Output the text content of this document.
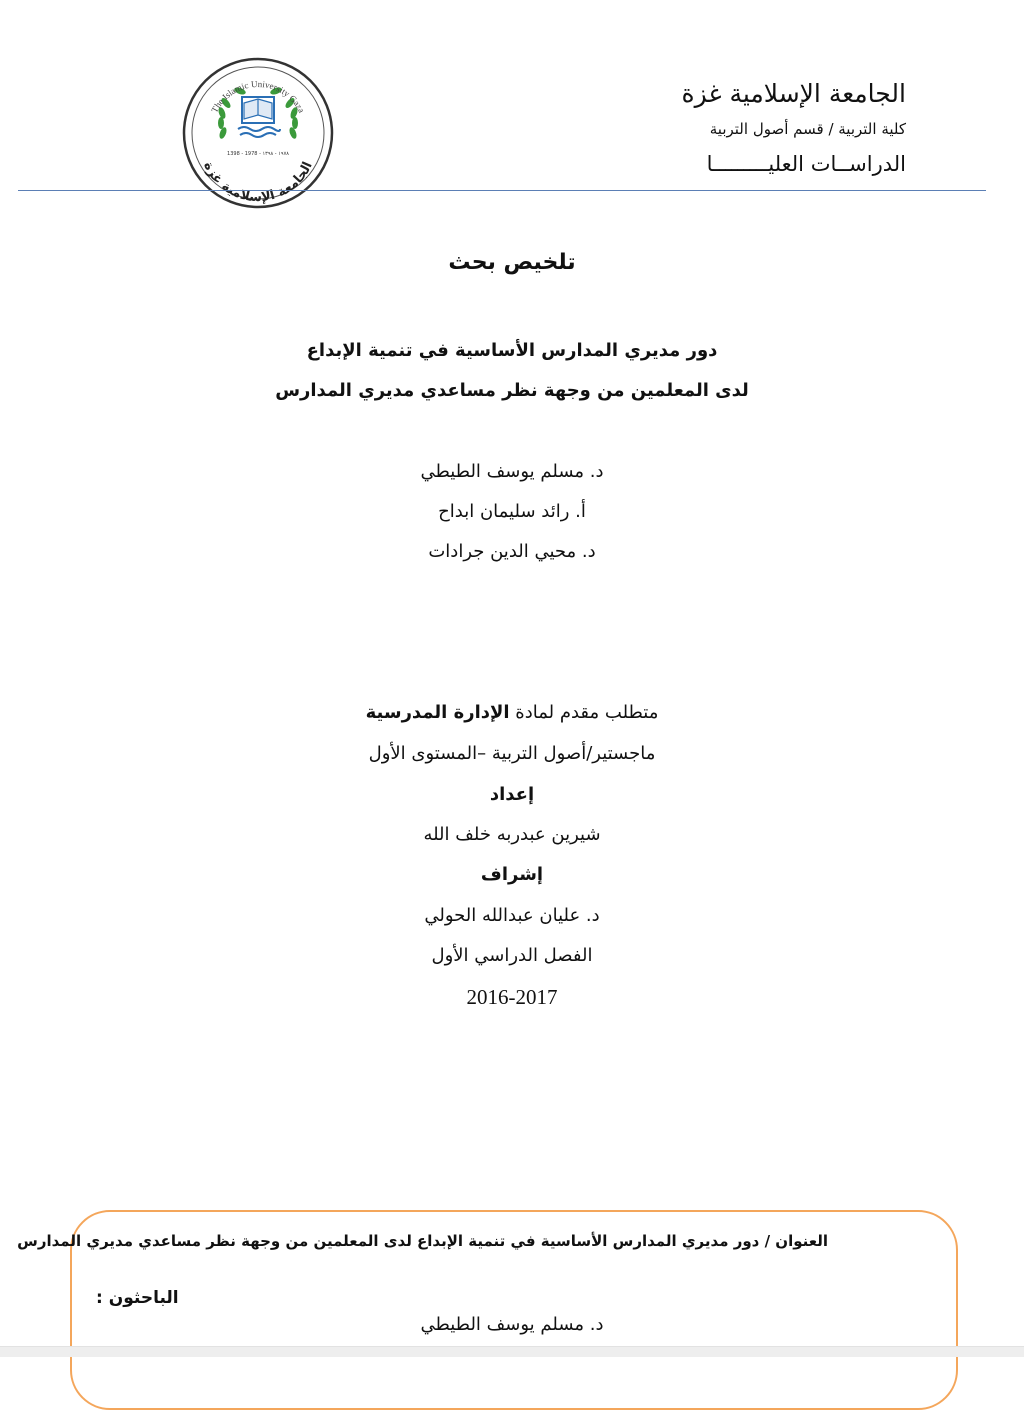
الجامعة الإسلامية غزة
كلية التربية / قسم أصول التربية
الدراســات العليـــــــــا
الجامعة الإسلامية غزة
1398 - 1978 - ١٩٧٨ - ١٣٩٨
The Islamic University Gaza
تلخيص بحث
دور مديري المدارس الأساسية في تنمية الإبداع
لدى المعلمين من وجهة نظر مساعدي مديري المدارس
د. مسلم يوسف الطيطي
أ. رائد سليمان ابداح
د. محيي الدين جرادات
متطلب مقدم لمادة الإدارة المدرسية
ماجستير/أصول التربية –المستوى الأول
إعداد
شيرين عبدربه خلف الله
إشراف
د. عليان عبدالله الحولي
الفصل الدراسي الأول
2016-2017
العنوان / دور مديري المدارس الأساسية في تنمية الإبداع لدى المعلمين من وجهة نظر مساعدي مديري المدارس
الباحثون :
د. مسلم يوسف الطيطي
